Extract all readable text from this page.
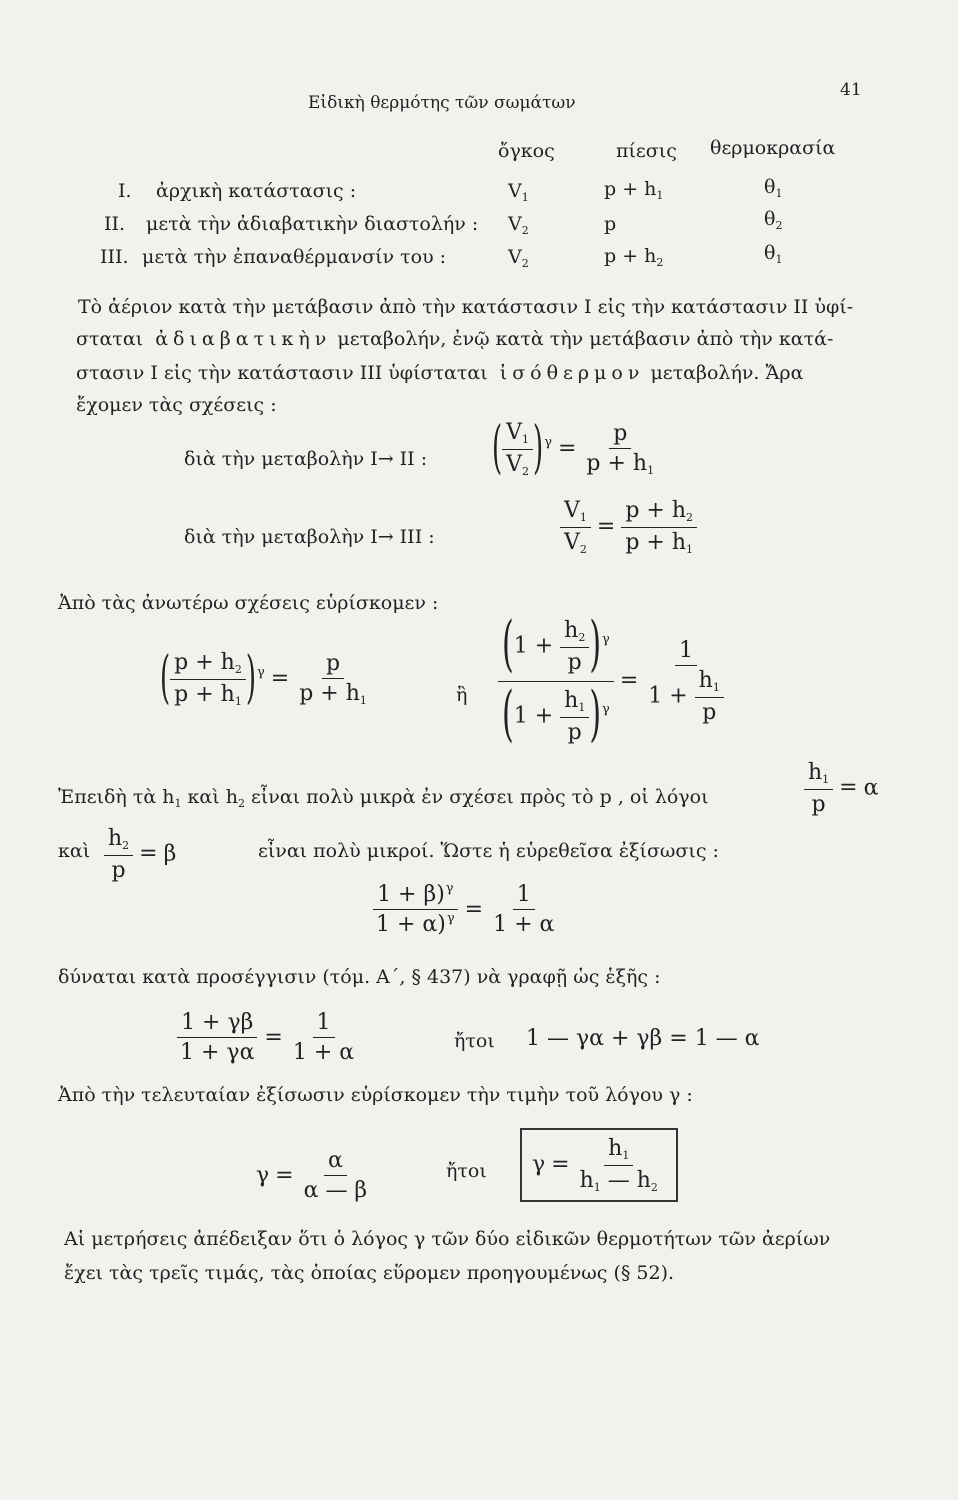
Εἰδικὴ θερμότης τῶν σωμάτων
41
ὄγκος	πίεσις θερμοκρασία
I. ἀρχικὴ κατάστασις :	$V_1$	$p + h_1$	$\theta_1$
II. μετὰ τὴν ἀδιαβατικὴν διαστολήν : $V_2$	p	$\theta_2$
III. μετὰ τὴν ἐπαναθέρμανσίν του :	$V_2$	$p + h_2$	$\theta_1$
Τὸ ἀέριον κατὰ τὴν μετάβασιν ἀπὸ τὴν κατάστασιν I εἰς τὴν κατάστασιν II ὑφί-
σταται ἀδιαβατικὴν μεταβολήν, ἐνῷ κατὰ τὴν μετάβασιν ἀπὸ τὴν κατά-
στασιν I εἰς τὴν κατάστασιν III ὑφίσταται ἰσόθερμον μεταβολήν. Ἄρα
ἔχομεν τὰς σχέσεις :
διὰ τὴν μεταβολὴν I→ II : ( $\frac{V_1}{V_2} )^\gamma = \frac{p}{p + h_1}$
διὰ τὴν μεταβολὴν I→ III :	$\frac{V_1}{V_2} = \frac{p + h_2}{p + h_1}$
Ἀπὸ τὰς ἀνωτέρω σχέσεις εὑρίσκομεν :
( $\frac{p + h_2}{p + h_1} )^\gamma = \frac{p}{p + h_1}$	ἢ $\frac{(1 + \frac{h_2}{p} )^\gamma}{(1 + \frac{h_1}{p} )^\gamma} = \frac{1}{1 + \frac{h_1}{p}}$
Ἐπειδὴ τὰ $h_1$ καὶ $h_2$ εἶναι πολὺ μικρὰ ἐν σχέσει πρὸς τὸ p , οἱ λόγοι	$\frac{h_1}{p} = \alpha$
καὶ $\frac{h_2}{p} = \beta$	εἶναι πολὺ μικροί. Ὥστε ἡ εὑρεθεῖσα ἐξίσωσις :
$\frac{1 + \beta)^\gamma}{1 + \alpha)^\gamma} = \frac{1}{1 + \alpha}$
δύναται κατὰ προσέγγισιν (τόμ. Α΄, § 437) νὰ γραφῇ ὡς ἑξῆς :
$\frac{1 + \gamma\beta}{1 + \gamma\alpha} = \frac{1}{1 + \alpha}$	ἤτοι 1 — γα + γβ = 1 — α
Ἀπὸ τὴν τελευταίαν ἐξίσωσιν εὑρίσκομεν τὴν τιμὴν τοῦ λόγου γ :
$\gamma = \frac{\alpha}{\alpha — \beta}$	ἤτοι	$\gamma = \frac{h_1}{h_1 — h_2}$
Αἱ μετρήσεις ἀπέδειξαν ὅτι ὁ λόγος γ τῶν δύο εἰδικῶν θερμοτήτων τῶν ἀερίων
ἔχει τὰς τρεῖς τιμάς, τὰς ὁποίας εὕρομεν προηγουμένως (§ 52).
